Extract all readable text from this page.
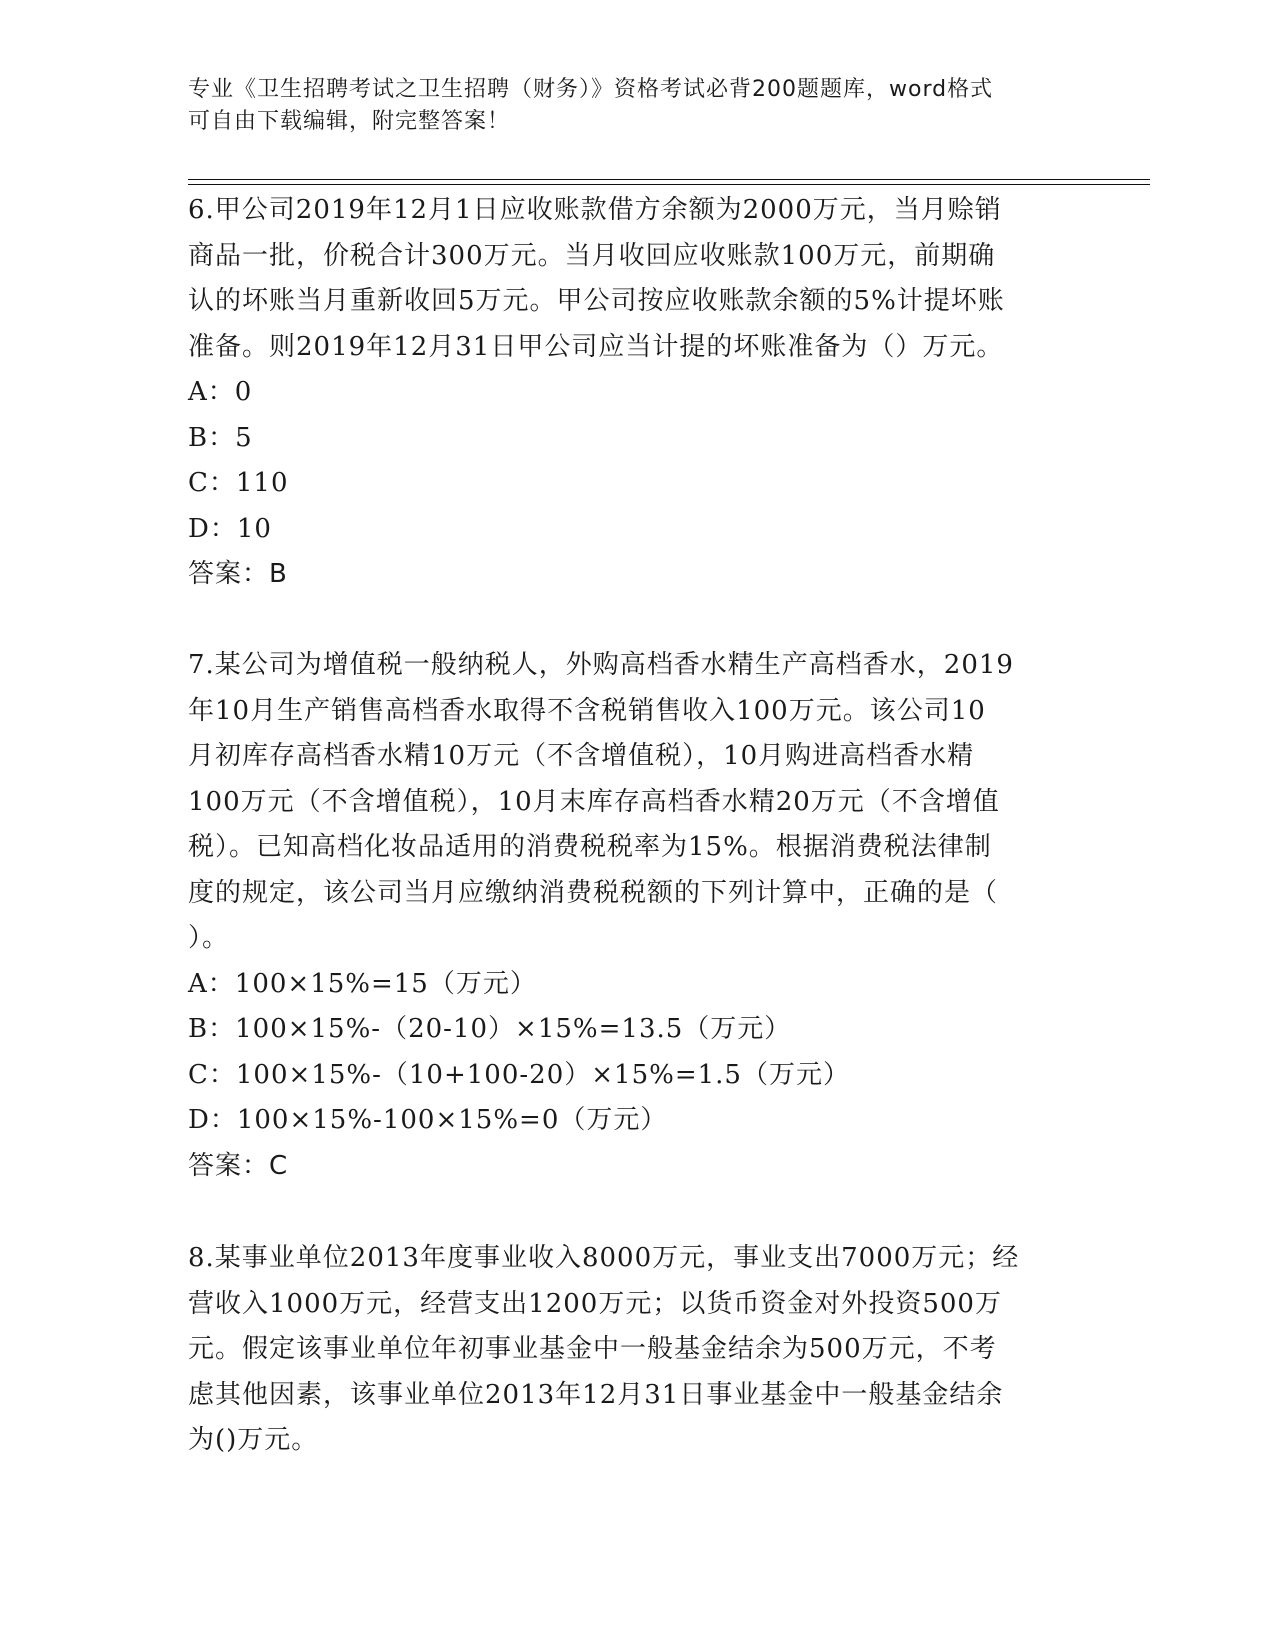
专业《卫生招聘考试之卫生招聘（财务）》资格考试必背200题题库，word格式
可自由下载编辑，附完整答案！
6.甲公司2019年12月1日应收账款借方余额为2000万元，当月赊销
商品一批，价税合计300万元。当月收回应收账款100万元，前期确
认的坏账当月重新收回5万元。甲公司按应收账款余额的5%计提坏账
准备。则2019年12月31日甲公司应当计提的坏账准备为（）万元。
A：0
B：5
C：110
D：10
答案：B
7.某公司为增值税一般纳税人，外购高档香水精生产高档香水，2019
年10月生产销售高档香水取得不含税销售收入100万元。该公司10
月初库存高档香水精10万元（不含增值税），10月购进高档香水精
100万元（不含增值税），10月末库存高档香水精20万元（不含增值
税）。已知高档化妆品适用的消费税税率为15%。根据消费税法律制
度的规定，该公司当月应缴纳消费税税额的下列计算中，正确的是（
）。
A：100×15%=15（万元）
B：100×15%-（20-10）×15%=13.5（万元）
C：100×15%-（10+100-20）×15%=1.5（万元）
D：100×15%-100×15%=0（万元）
答案：C
8.某事业单位2013年度事业收入8000万元，事业支出7000万元；经
营收入1000万元，经营支出1200万元；以货币资金对外投资500万
元。假定该事业单位年初事业基金中一般基金结余为500万元，不考
虑其他因素，该事业单位2013年12月31日事业基金中一般基金结余
为()万元。
